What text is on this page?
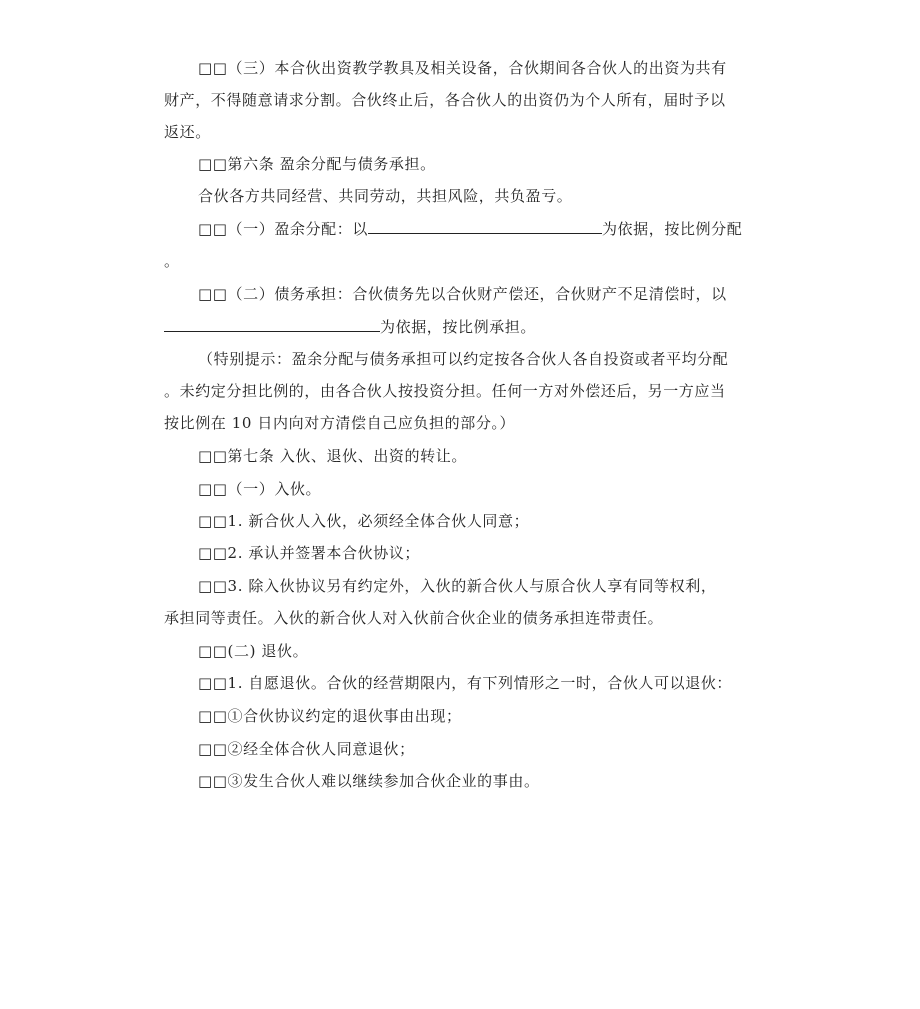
□□（三）本合伙出资教学教具及相关设备，合伙期间各合伙人的出资为共有
财产，不得随意请求分割。合伙终止后，各合伙人的出资仍为个人所有，届时予以
返还。
□□第六条 盈余分配与债务承担。
合伙各方共同经营、共同劳动，共担风险，共负盈亏。
□□（一）盈余分配：以	为依据，按比例分配
。
□□（二）债务承担：合伙债务先以合伙财产偿还，合伙财产不足清偿时，以
为依据，按比例承担。
（特别提示：盈余分配与债务承担可以约定按各合伙人各自投资或者平均分配
。未约定分担比例的，由各合伙人按投资分担。任何一方对外偿还后，另一方应当
按比例在 10 日内向对方清偿自己应负担的部分。）
□□第七条 入伙、退伙、出资的转让。
□□（一）入伙。
□□1. 新合伙人入伙，必须经全体合伙人同意；
□□2. 承认并签署本合伙协议；
□□3. 除入伙协议另有约定外，入伙的新合伙人与原合伙人享有同等权利，
承担同等责任。入伙的新合伙人对入伙前合伙企业的债务承担连带责任。
□□(二) 退伙。
□□1. 自愿退伙。合伙的经营期限内，有下列情形之一时，合伙人可以退伙：
□□①合伙协议约定的退伙事由出现；
□□②经全体合伙人同意退伙；
□□③发生合伙人难以继续参加合伙企业的事由。
